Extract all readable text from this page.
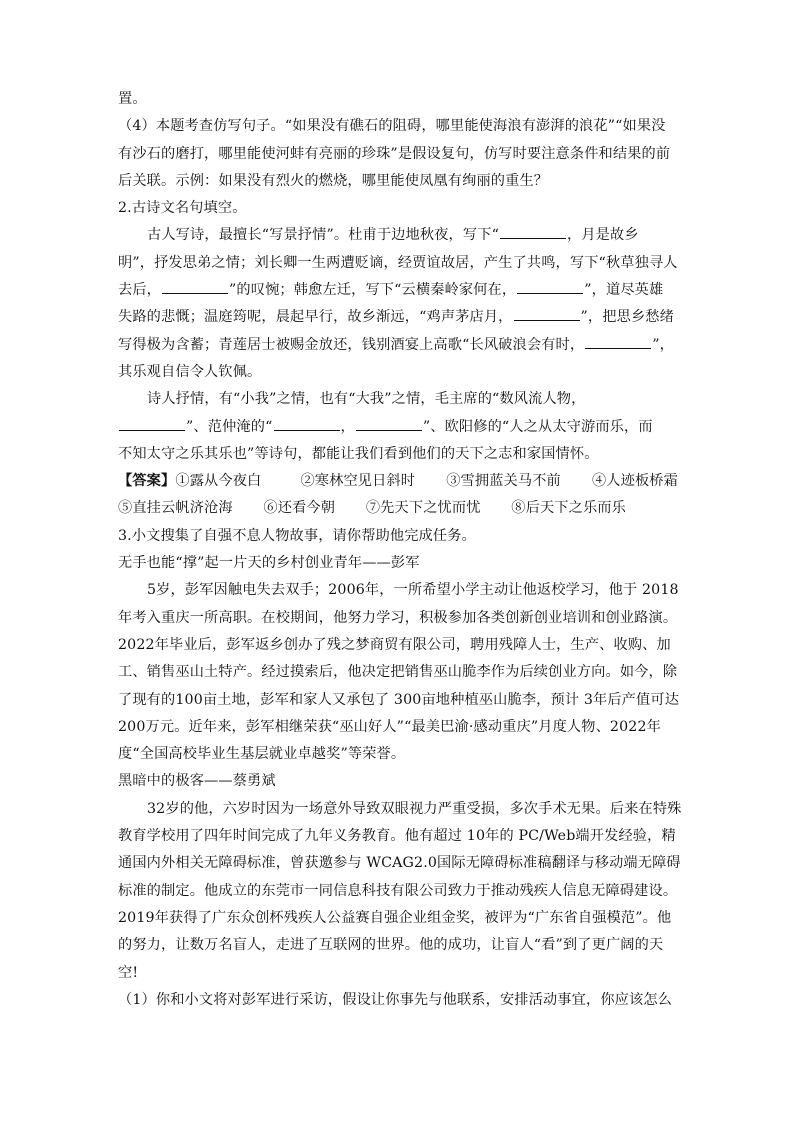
置。
（4）本题考查仿写句子。“如果没有礁石的阻碍，哪里能使海浪有澎湃的浪花”“如果没
有沙石的磨打，哪里能使河蚌有亮丽的珍珠”是假设复句，仿写时要注意条件和结果的前
后关联。示例：如果没有烈火的燃烧，哪里能使凤凰有绚丽的重生？
2.古诗文名句填空。
古人写诗，最擅长“写景抒情”。杜甫于边地秋夜，写下“	，月是故乡
明”，抒发思弟之情；刘长卿一生两遭贬谪，经贾谊故居，产生了共鸣，写下“秋草独寻人
去后，	”的叹惋；韩愈左迁，写下“云横秦岭家何在，	”，道尽英雄
失路的悲慨；温庭筠呢，晨起早行，故乡渐远，“鸡声茅店月，	”，把思乡愁绪
写得极为含蓄；青莲居士被赐金放还，钱别酒宴上高歌“长风破浪会有时，	”，
其乐观自信令人钦佩。
诗人抒情，有“小我”之情，也有“大我”之情，毛主席的“数风流人物，
”、范仲淹的“	，	”、欧阳修的“人之从太守游而乐，而
不知太守之乐其乐也”等诗句，都能让我们看到他们的天下之志和家国情怀。
【答案】①露从今夜白	②寒林空见日斜时 ③雪拥蓝关马不前 ④人迹板桥霜
⑤直挂云帆济沧海 ⑥还看今朝 ⑦先天下之忧而忧 ⑧后天下之乐而乐
3.小文搜集了自强不息人物故事，请你帮助他完成任务。
无手也能“撑”起一片天的乡村创业青年——彭军
5岁，彭军因触电失去双手；2006年，一所希望小学主动让他返校学习，他于 2018
年考入重庆一所高职。在校期间，他努力学习，积极参加各类创新创业培训和创业路演。
2022年毕业后，彭军返乡创办了残之梦商贸有限公司，聘用残障人士，生产、收购、加
工、销售巫山土特产。经过摸索后，他决定把销售巫山脆李作为后续创业方向。如今，除
了现有的100亩土地，彭军和家人又承包了 300亩地种植巫山脆李，预计 3年后产值可达
200万元。近年来，彭军相继荣获“巫山好人”“最美巴渝·感动重庆”月度人物、2022年
度“全国高校毕业生基层就业卓越奖”等荣誉。
黑暗中的极客——蔡勇斌
32岁的他，六岁时因为一场意外导致双眼视力严重受损，多次手术无果。后来在特殊
教育学校用了四年时间完成了九年义务教育。他有超过 10年的 PC/Web端开发经验，精
通国内外相关无障碍标准，曾获邀参与 WCAG2.0国际无障碍标准稿翻译与移动端无障碍
标准的制定。他成立的东莞市一同信息科技有限公司致力于推动残疾人信息无障碍建设。
2019年获得了广东众创杯残疾人公益赛自强企业组金奖，被评为“广东省自强模范”。他
的努力，让数万名盲人，走进了互联网的世界。他的成功，让盲人“看”到了更广阔的天
空!
（1）你和小文将对彭军进行采访，假设让你事先与他联系，安排活动事宜，你应该怎么
